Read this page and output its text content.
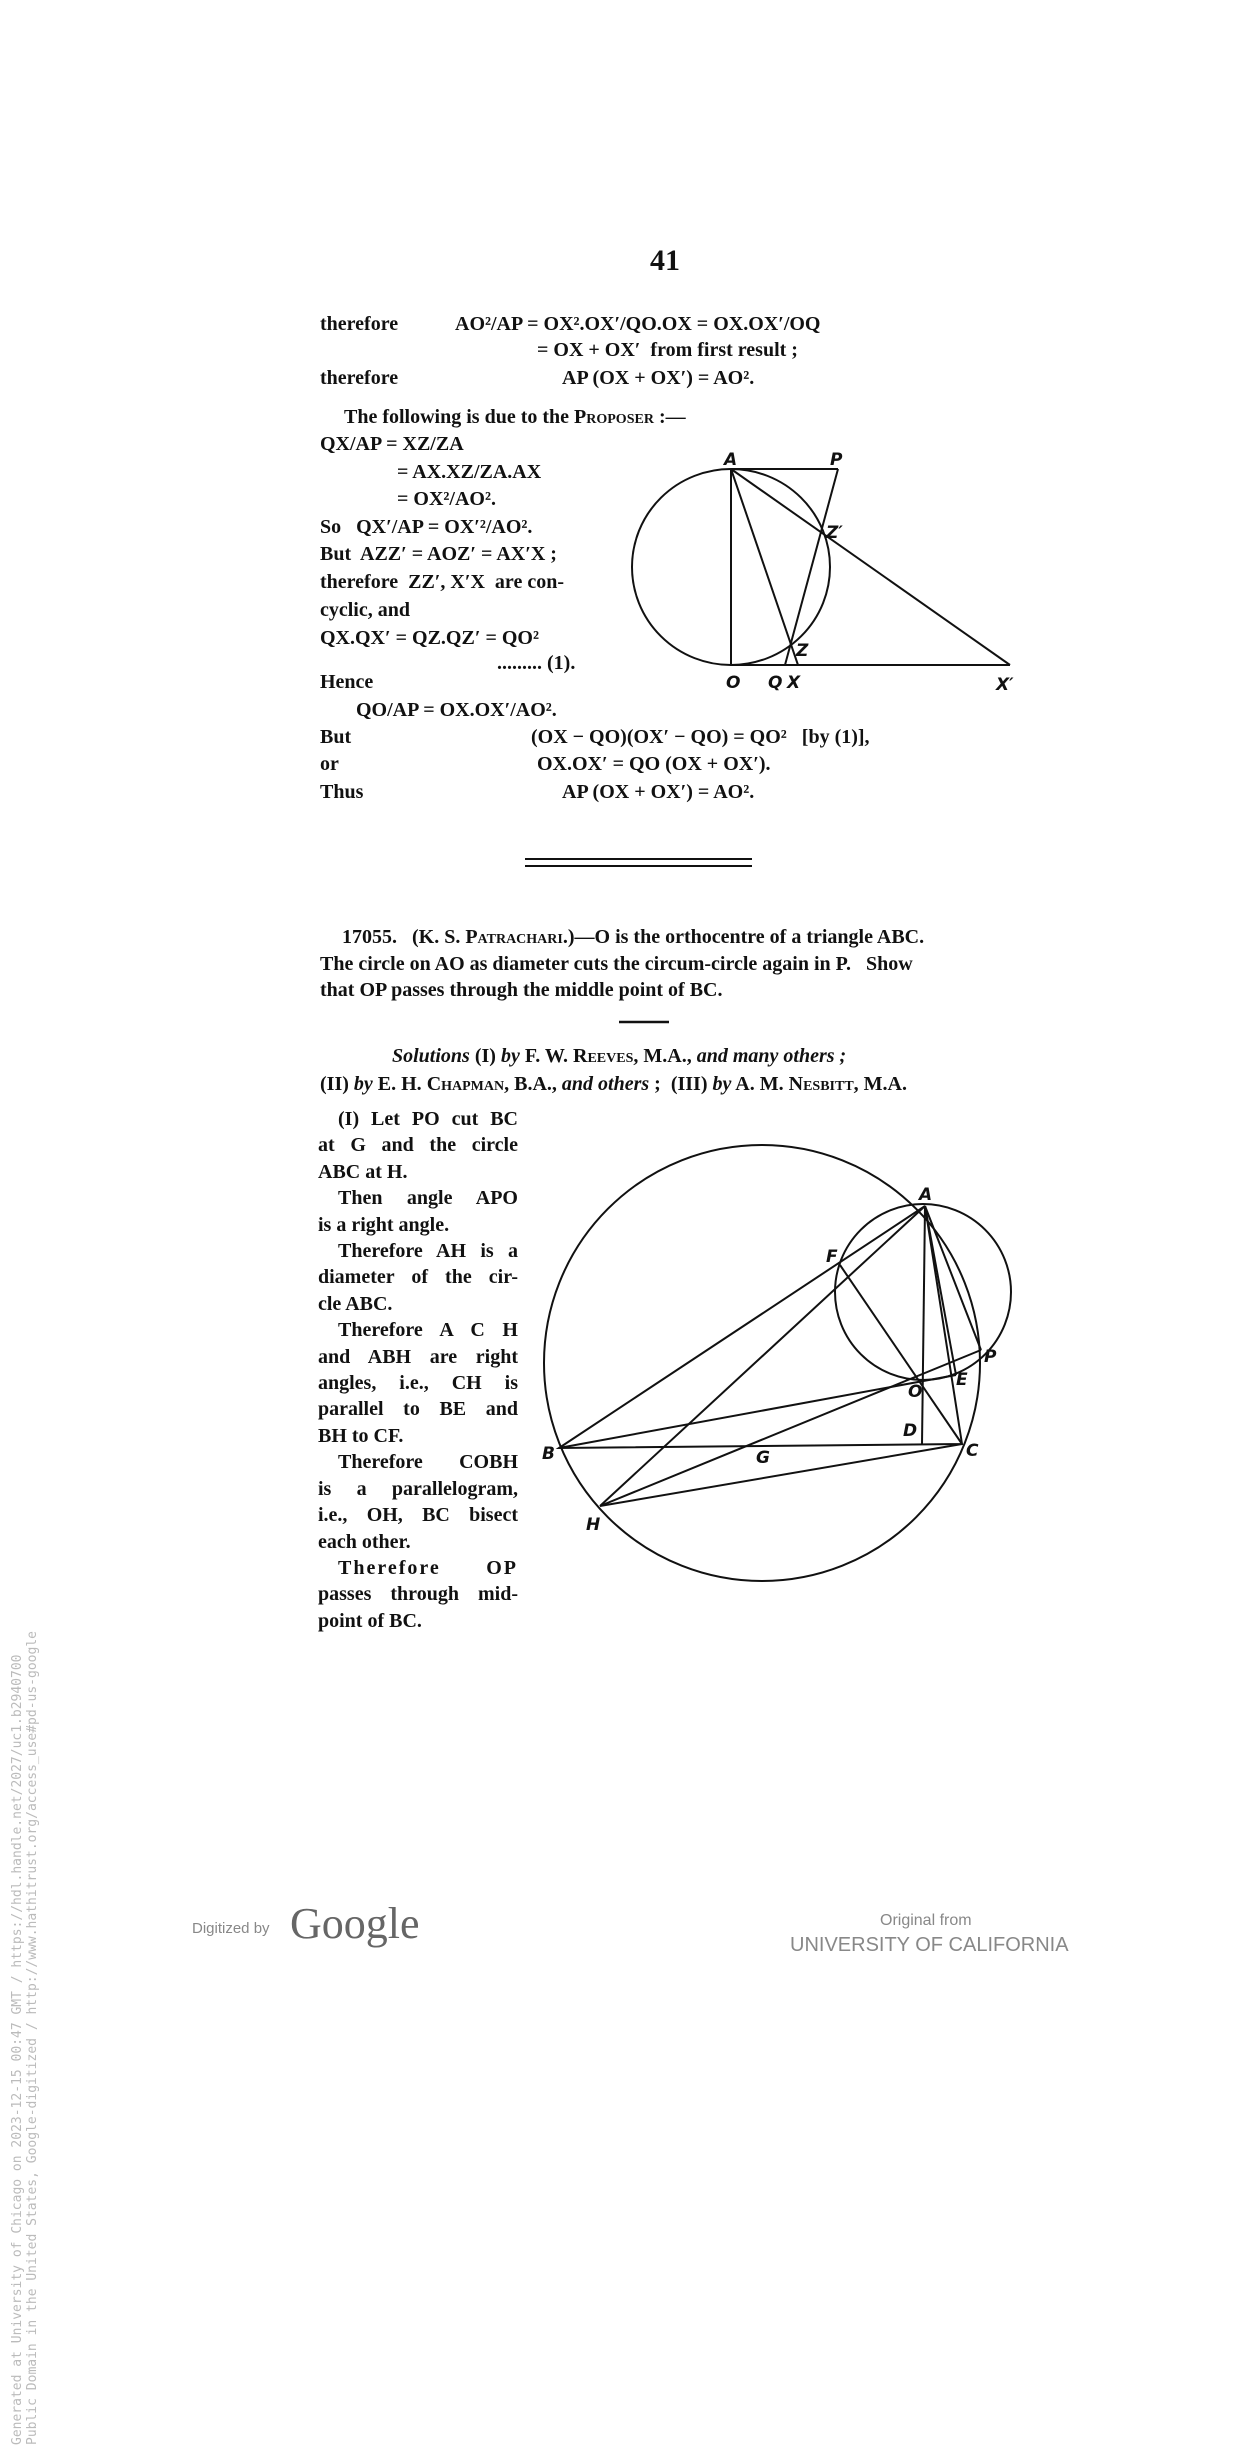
41
therefore	AO²/AP = OX².OX′/QO.OX = OX.OX′/OQ
= OX + OX′  from first result ;
therefore	AP (OX + OX′) = AO².
The following is due to the Proposer :—
QX/AP = XZ/ZA
= AX.XZ/ZA.AX
= OX²/AO².
So   QX′/AP = OX′²/AO².
But  AZZ′ = AOZ′ = AX′X ;
therefore  ZZ′, X′X  are con-
cyclic, and
QX.QX′ = QZ.QZ′ = QO²
......... (1).
Hence
QO/AP = OX.OX′/AO².
But	(OX − QO)(OX′ − QO) = QO²   [by (1)],
or	OX.OX′ = QO (OX + OX′).
Thus	AP (OX + OX′) = AO².
A	P
Z′
Z
O Q X	X′
A
F
P
O
E
D
B	G	C
H
17055. (K. S. Patrachari.)—O is the orthocentre of a triangle ABC.
The circle on AO as diameter cuts the circum-circle again in P.   Show
that OP passes through the middle point of BC.
Solutions (I) by F. W. Reeves, M.A., and many others ;
(II) by E. H. Chapman, B.A., and others ;  (III) by A. M. Nesbitt, M.A.
(I) Let PO cut BC
at G and the circle
ABC at H.
Then angle APO
is a right angle.
Therefore AH is a
diameter of the cir-
cle ABC.
Therefore A C H
and ABH are right
angles, i.e., CH is
parallel to BE and
BH to CF.
Therefore COBH
is a parallelogram,
i.e., OH, BC bisect
each other.
Therefore OP
passes through mid-
point of BC.
Generated at University of Chicago on 2023-12-15 00:47 GMT / https://hdl.handle.net/2027/uc1.b2940700 Public Domain in the United States, Google-digitized / http://www.hathitrust.org/access_use#pd-us-google	Digitized by Google	Original from
UNIVERSITY OF CALIFORNIA
